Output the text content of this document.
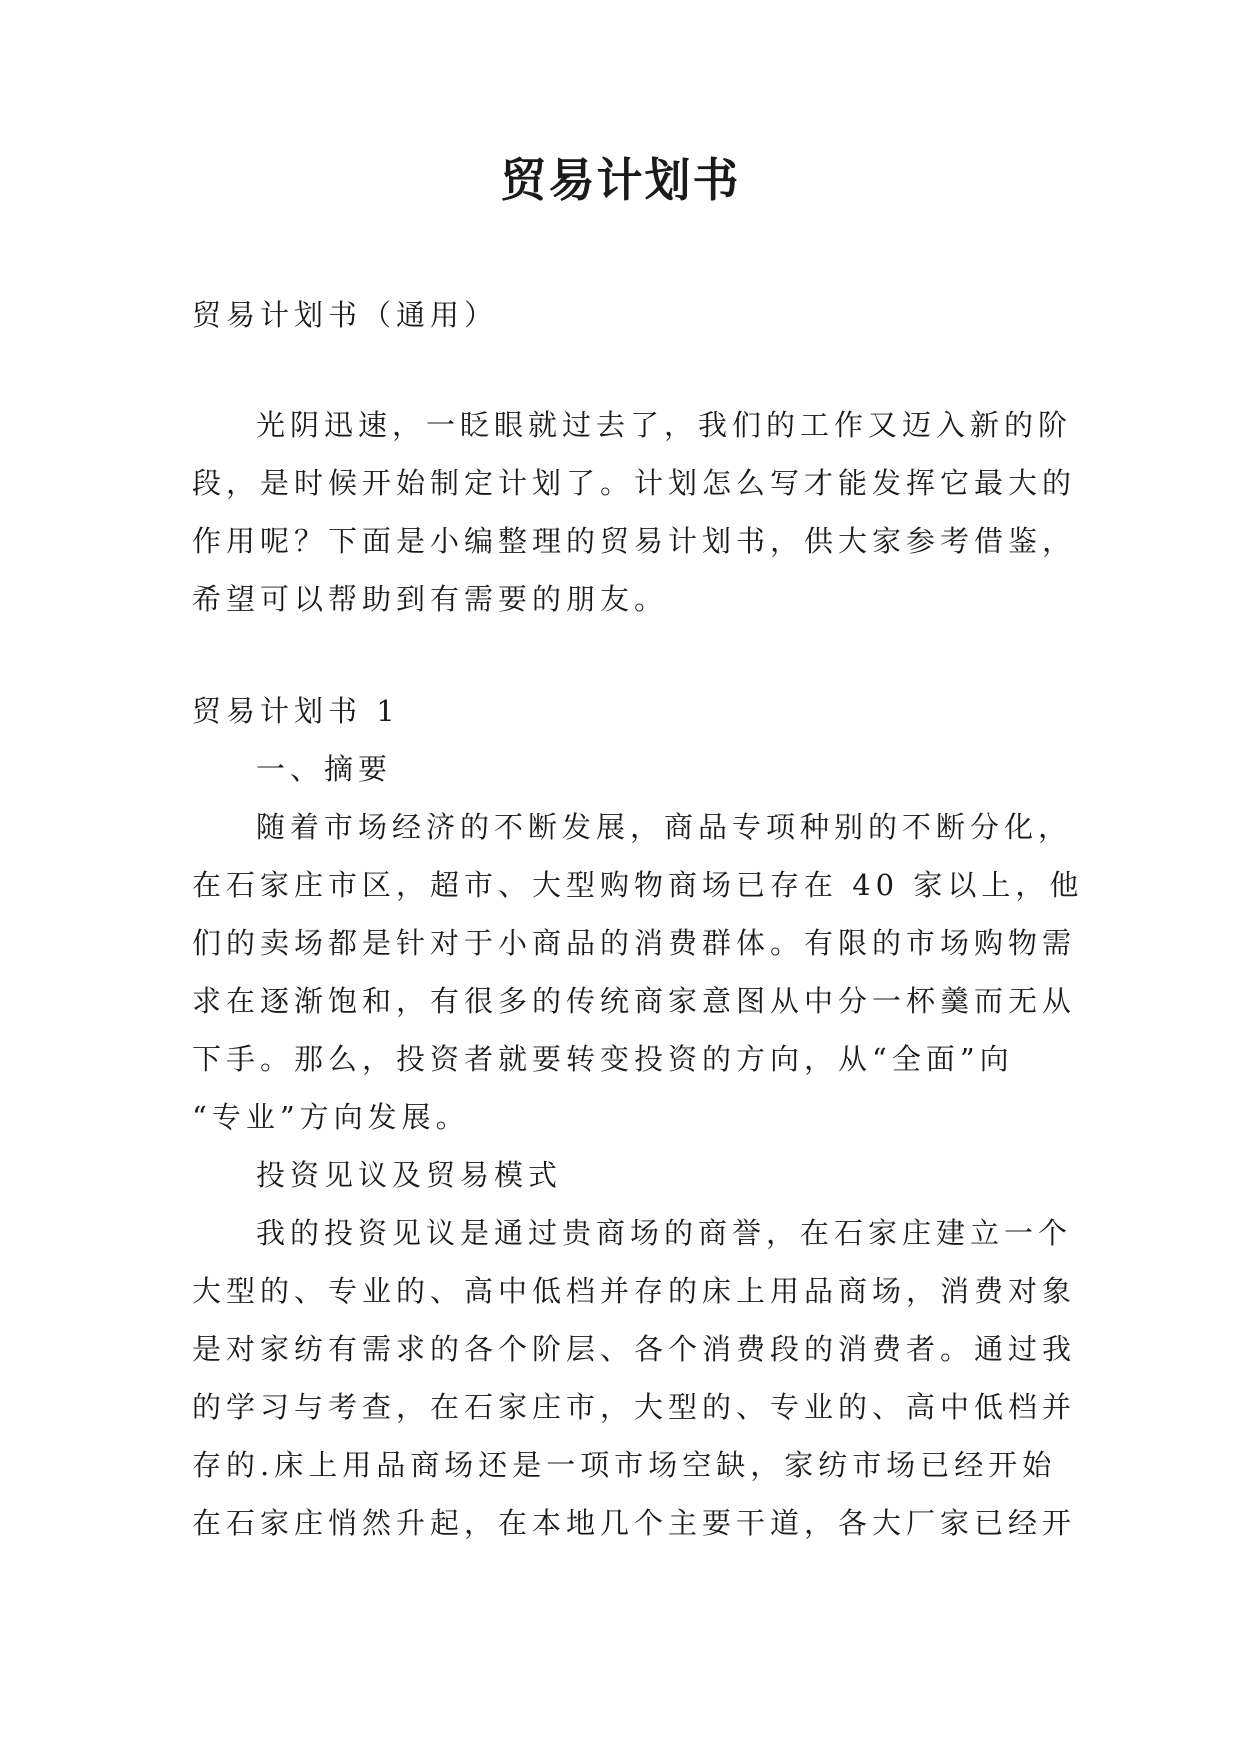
贸易计划书
贸易计划书（通用）
光阴迅速，一眨眼就过去了，我们的工作又迈入新的阶
段，是时候开始制定计划了。计划怎么写才能发挥它最大的
作用呢？下面是小编整理的贸易计划书，供大家参考借鉴，
希望可以帮助到有需要的朋友。
贸易计划书 1
一、摘要
随着市场经济的不断发展，商品专项种别的不断分化，
在石家庄市区，超市、大型购物商场已存在 40 家以上，他
们的卖场都是针对于小商品的消费群体。有限的市场购物需
求在逐渐饱和，有很多的传统商家意图从中分一杯羹而无从
下手。那么，投资者就要转变投资的方向，从“全面”向
“专业”方向发展。
投资见议及贸易模式
我的投资见议是通过贵商场的商誉，在石家庄建立一个
大型的、专业的、高中低档并存的床上用品商场，消费对象
是对家纺有需求的各个阶层、各个消费段的消费者。通过我
的学习与考查，在石家庄市，大型的、专业的、高中低档并
存的.床上用品商场还是一项市场空缺，家纺市场已经开始
在石家庄悄然升起，在本地几个主要干道，各大厂家已经开
